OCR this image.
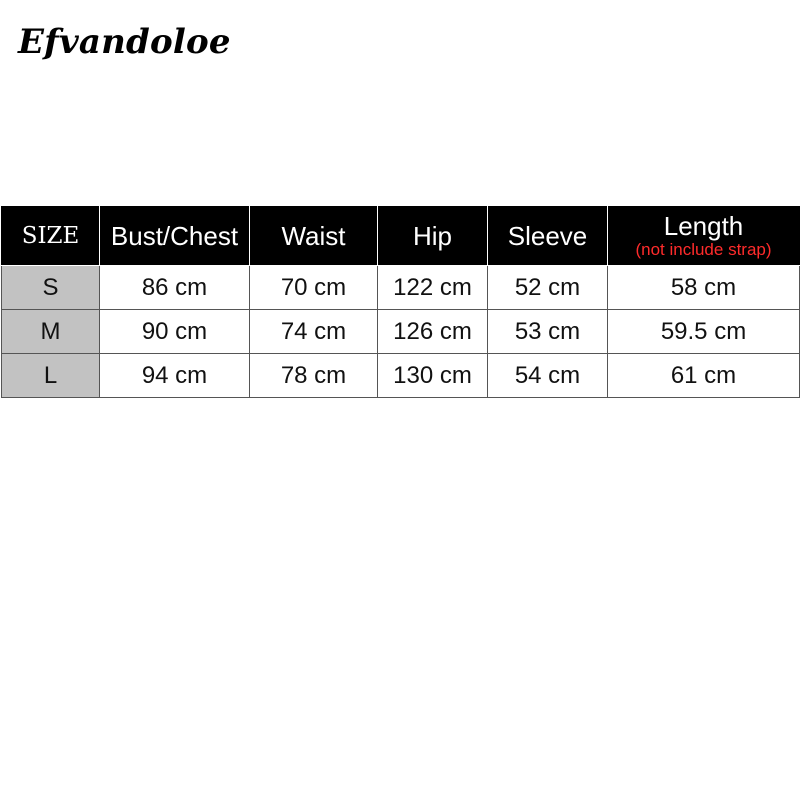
Efvandoloe
SIZE	Bust/Chest	Waist	Hip	Sleeve	Length
(not include strap)

S	86 cm	70 cm	122 cm	52 cm	58 cm
M	90 cm	74 cm	126 cm	53 cm	59.5 cm
L	94 cm	78 cm	130 cm	54 cm	61 cm
